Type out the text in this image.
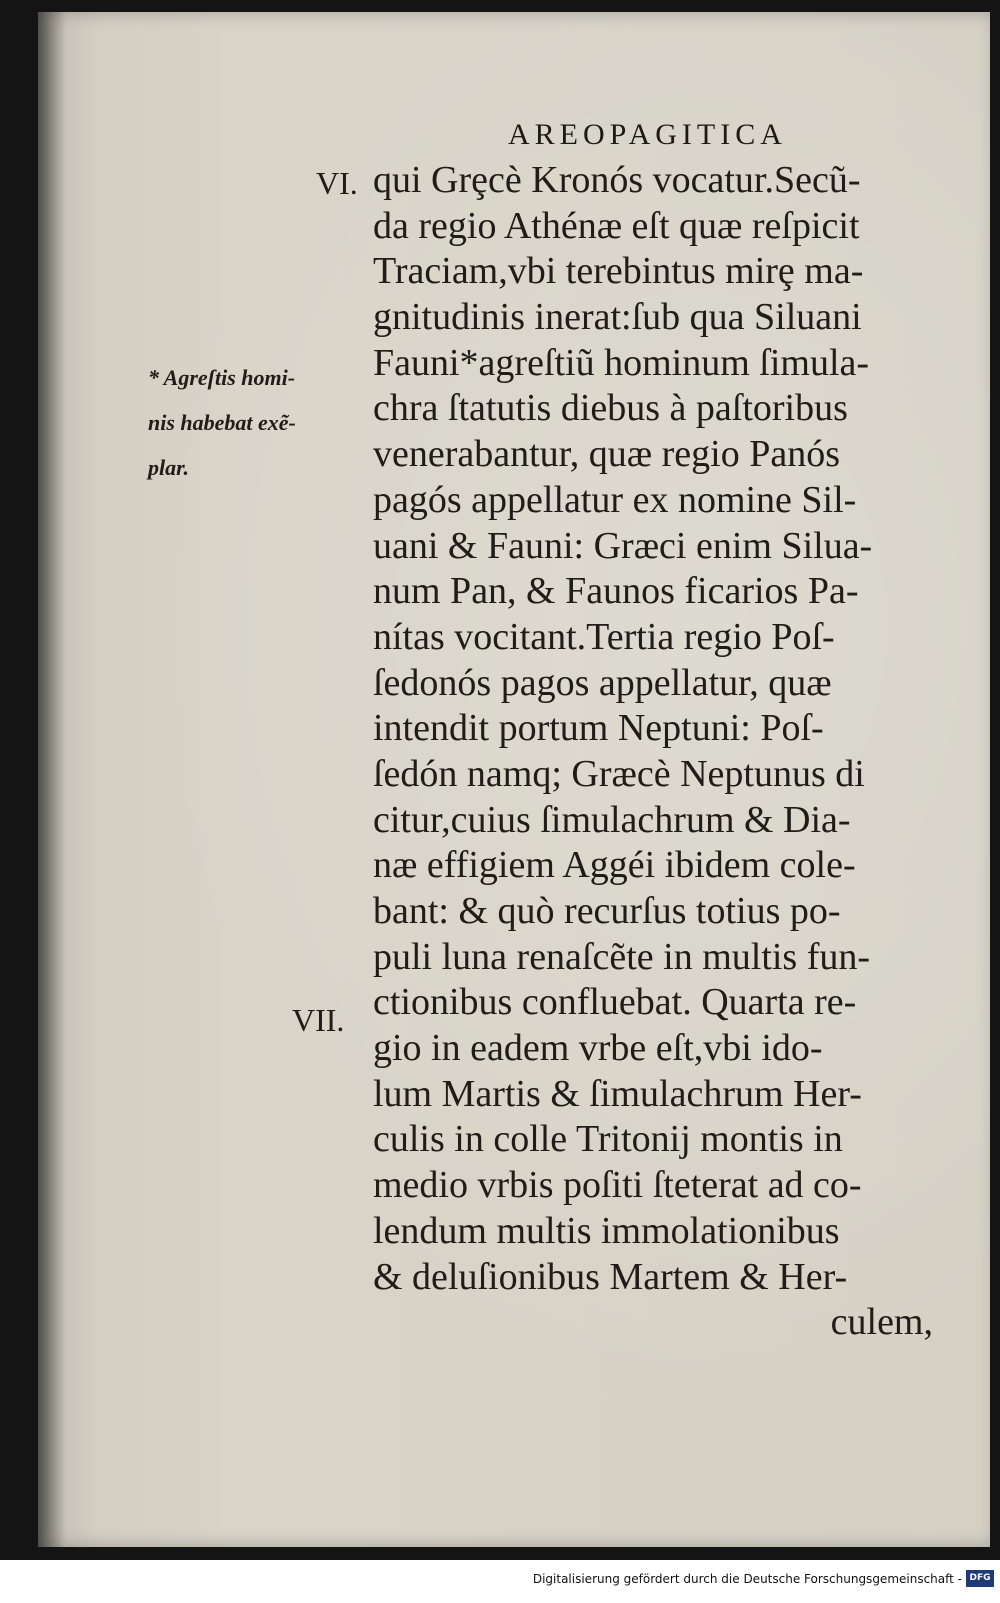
AREOPAGITICA
VI.
VII.
* Agreſtis homi-
nis habebat exẽ-
plar.
qui Grȩcè Kronós vocatur.Secũ-
da regio Athénæ eſt quæ reſpicit
Traciam,vbi terebintus mirȩ ma-
gnitudinis inerat:ſub qua Siluani
Fauni*agreſtiũ hominum ſimula-
chra ſtatutis diebus à paſtoribus
venerabantur, quæ regio Panós
pagós appellatur ex nomine Sil-
uani & Fauni: Græci enim Silua-
num Pan, & Faunos ficarios Pa-
nítas vocitant.Tertia regio Poſ-
ſedonós pagos appellatur, quæ
intendit portum Neptuni: Poſ-
ſedón namq; Græcè Neptunus di
citur,cuius ſimulachrum & Dia-
næ effigiem Aggéi ibidem cole-
bant: & quò recurſus totius po-
puli luna renaſcẽte in multis fun-
ctionibus confluebat. Quarta re-
gio in eadem vrbe eſt,vbi ido-
lum Martis & ſimulachrum Her-
culis in colle Tritonij montis in
medio vrbis poſiti ſteterat ad co-
lendum multis immolationibus
& deluſionibus Martem & Her-
culem,
Digitalisierung gefördert durch die Deutsche Forschungsgemeinschaft - DFG
